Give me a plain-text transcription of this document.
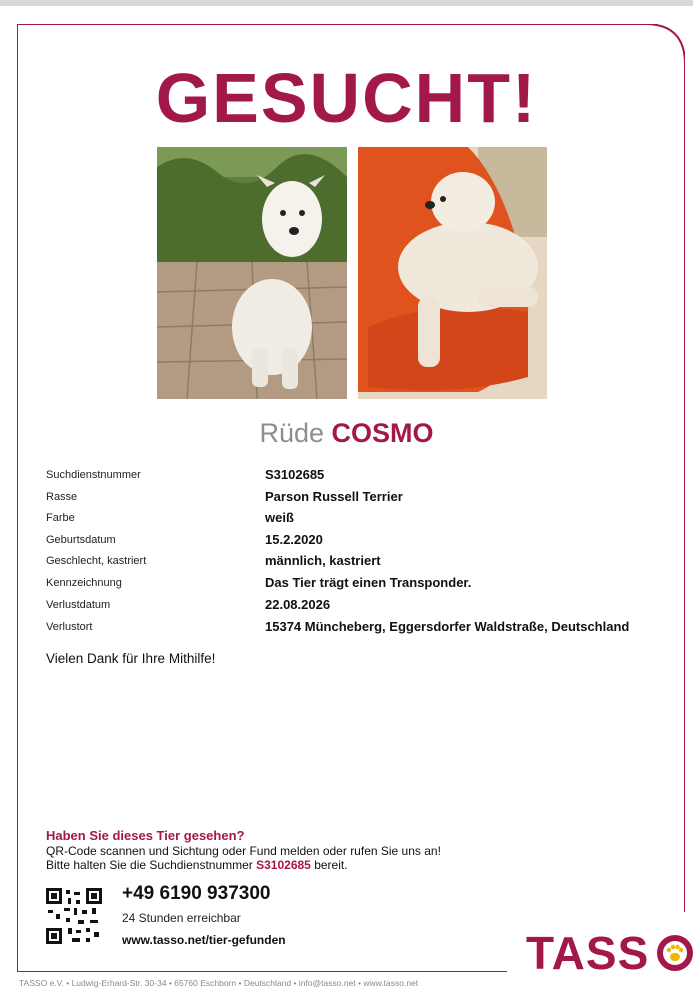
GESUCHT!
Rüde COSMO
Suchdienstnummer	S3102685
Rasse	Parson Russell Terrier
Farbe	weiß
Geburtsdatum	15.2.2020
Geschlecht, kastriert	männlich, kastriert
Kennzeichnung	Das Tier trägt einen Transponder.
Verlustdatum	22.08.2026
Verlustort	15374 Müncheberg, Eggersdorfer Waldstraße, Deutschland
Vielen Dank für Ihre Mithilfe!
Haben Sie dieses Tier gesehen?
QR-Code scannen und Sichtung oder Fund melden oder rufen Sie uns an!
Bitte halten Sie die Suchdienstnummer S3102685 bereit.
+49 6190 937300
24 Stunden erreichbar
www.tasso.net/tier-gefunden	TASS
TASSO e.V. • Ludwig-Erhard-Str. 30-34 • 65760 Eschborn • Deutschland • info@tasso.net • www.tasso.net
